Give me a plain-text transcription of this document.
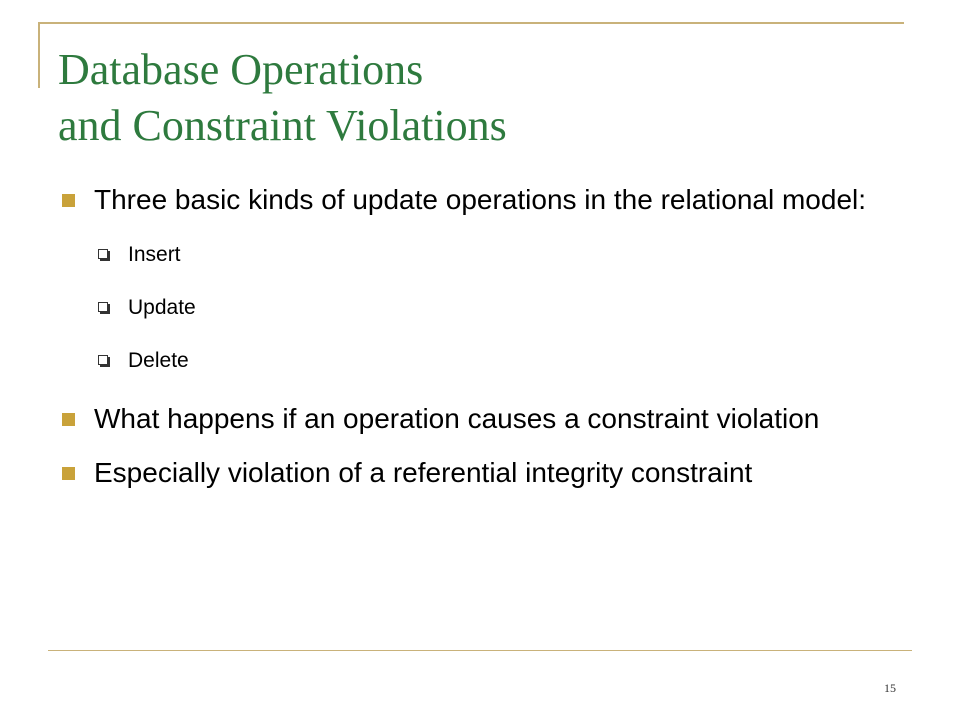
Database Operations
and Constraint Violations
Three basic kinds of update operations in the relational model:
Insert
Update
Delete
What happens if an operation causes a constraint violation
Especially violation of a referential integrity constraint
15
